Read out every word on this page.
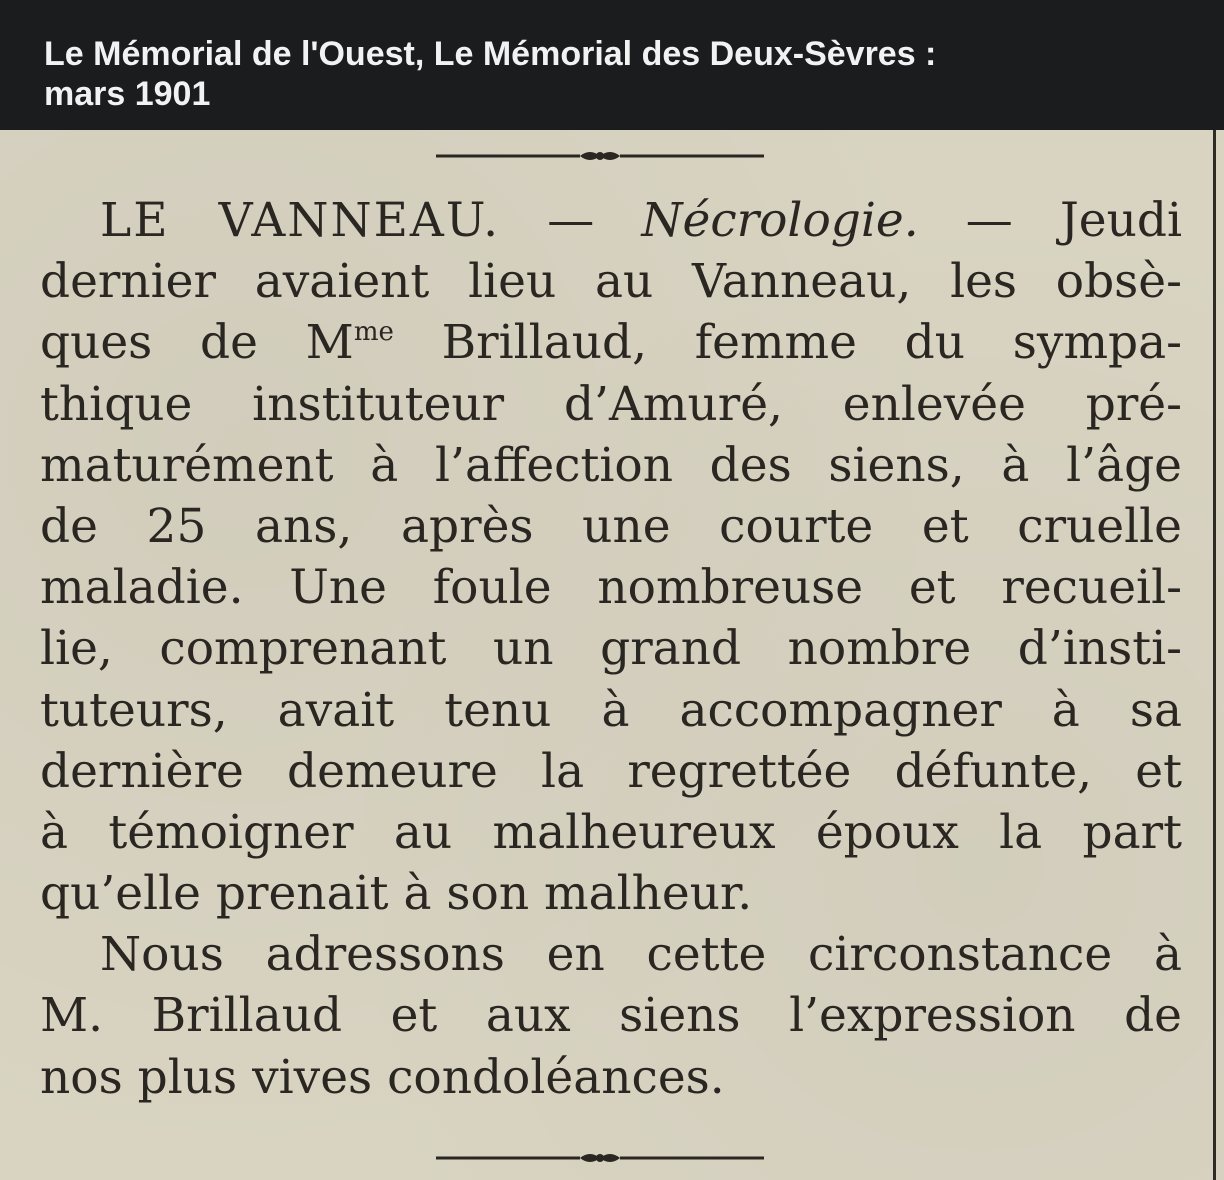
Le Mémorial de l'Ouest, Le Mémorial des Deux-Sèvres :
mars 1901

LE VANNEAU. — Nécrologie. — Jeudi
dernier avaient lieu au Vanneau, les obsè-
ques de $M^{me}$ Brillaud, femme du sympa-
thique instituteur d’Amuré, enlevée pré-
maturément à l’affection des siens, à l’âge
de 25 ans, après une courte et cruelle
maladie. Une foule nombreuse et recueil-
lie, comprenant un grand nombre d’insti-
tuteurs, avait tenu à accompagner à sa
dernière demeure la regrettée défunte, et
à témoigner au malheureux époux la part
qu’elle prenait à son malheur.
Nous adressons en cette circonstance à
M. Brillaud et aux siens l’expression de
nos plus vives condoléances.
